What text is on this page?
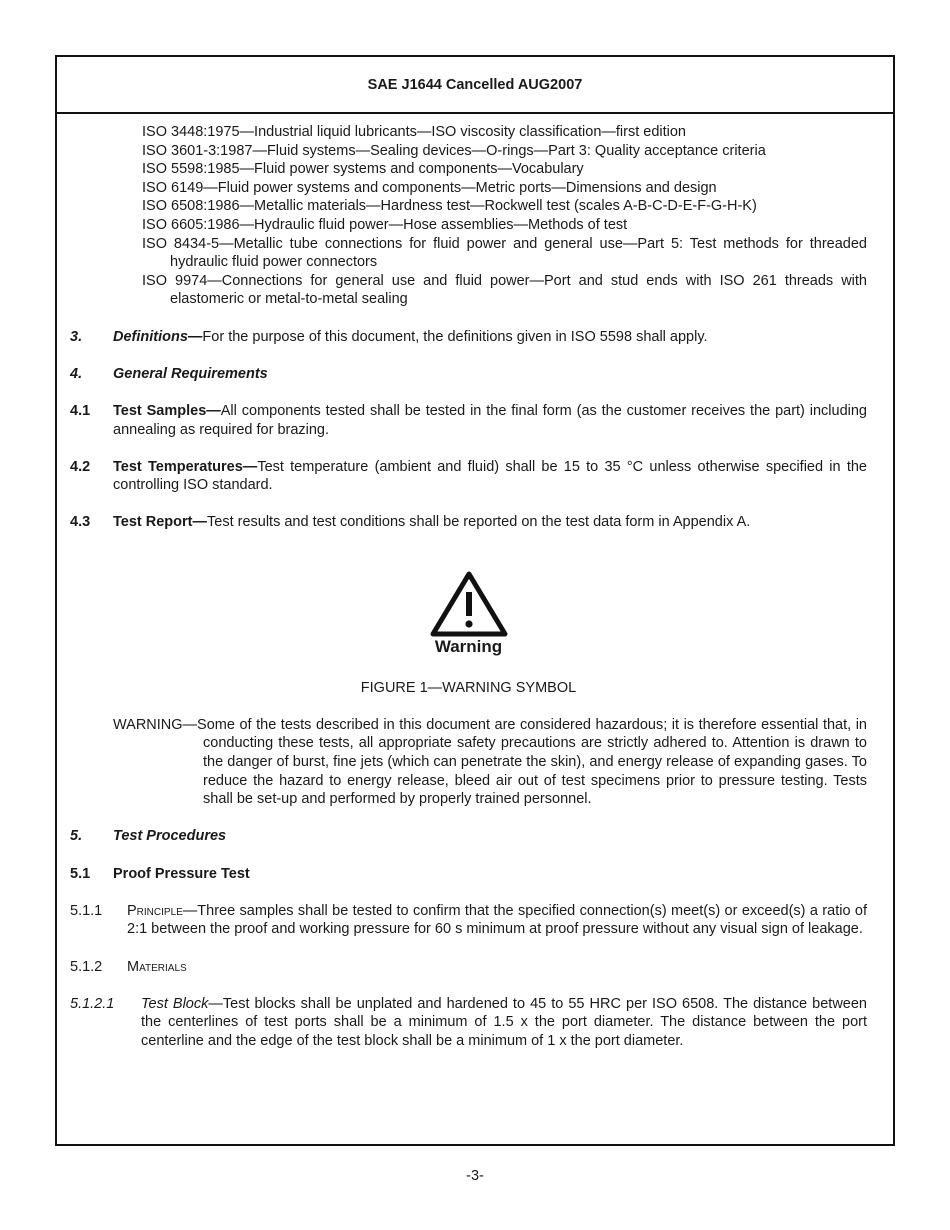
SAE J1644 Cancelled AUG2007
ISO 3448:1975—Industrial liquid lubricants—ISO viscosity classification—first edition
ISO 3601-3:1987—Fluid systems—Sealing devices—O-rings—Part 3: Quality acceptance criteria
ISO 5598:1985—Fluid power systems and components—Vocabulary
ISO 6149—Fluid power systems and components—Metric ports—Dimensions and design
ISO 6508:1986—Metallic materials—Hardness test—Rockwell test (scales A-B-C-D-E-F-G-H-K)
ISO 6605:1986—Hydraulic fluid power—Hose assemblies—Methods of test
ISO 8434-5—Metallic tube connections for fluid power and general use—Part 5: Test methods for threaded hydraulic fluid power connectors
ISO 9974—Connections for general use and fluid power—Port and stud ends with ISO 261 threads with elastomeric or metal-to-metal sealing
3. Definitions—For the purpose of this document, the definitions given in ISO 5598 shall apply.
4. General Requirements
4.1 Test Samples—All components tested shall be tested in the final form (as the customer receives the part) including annealing as required for brazing.
4.2 Test Temperatures—Test temperature (ambient and fluid) shall be 15 to 35 °C unless otherwise specified in the controlling ISO standard.
4.3 Test Report—Test results and test conditions shall be reported on the test data form in Appendix A.
Warning
FIGURE 1—WARNING SYMBOL
WARNING—Some of the tests described in this document are considered hazardous; it is therefore essential that, in conducting these tests, all appropriate safety precautions are strictly adhered to. Attention is drawn to the danger of burst, fine jets (which can penetrate the skin), and energy release of expanding gases. To reduce the hazard to energy release, bleed air out of test specimens prior to pressure testing. Tests shall be set-up and performed by properly trained personnel.
5. Test Procedures
5.1 Proof Pressure Test
5.1.1 Principle—Three samples shall be tested to confirm that the specified connection(s) meet(s) or exceed(s) a ratio of 2:1 between the proof and working pressure for 60 s minimum at proof pressure without any visual sign of leakage.
5.1.2 Materials
5.1.2.1 Test Block—Test blocks shall be unplated and hardened to 45 to 55 HRC per ISO 6508. The distance between the centerlines of test ports shall be a minimum of 1.5 x the port diameter. The distance between the port centerline and the edge of the test block shall be a minimum of 1 x the port diameter.
-3-
